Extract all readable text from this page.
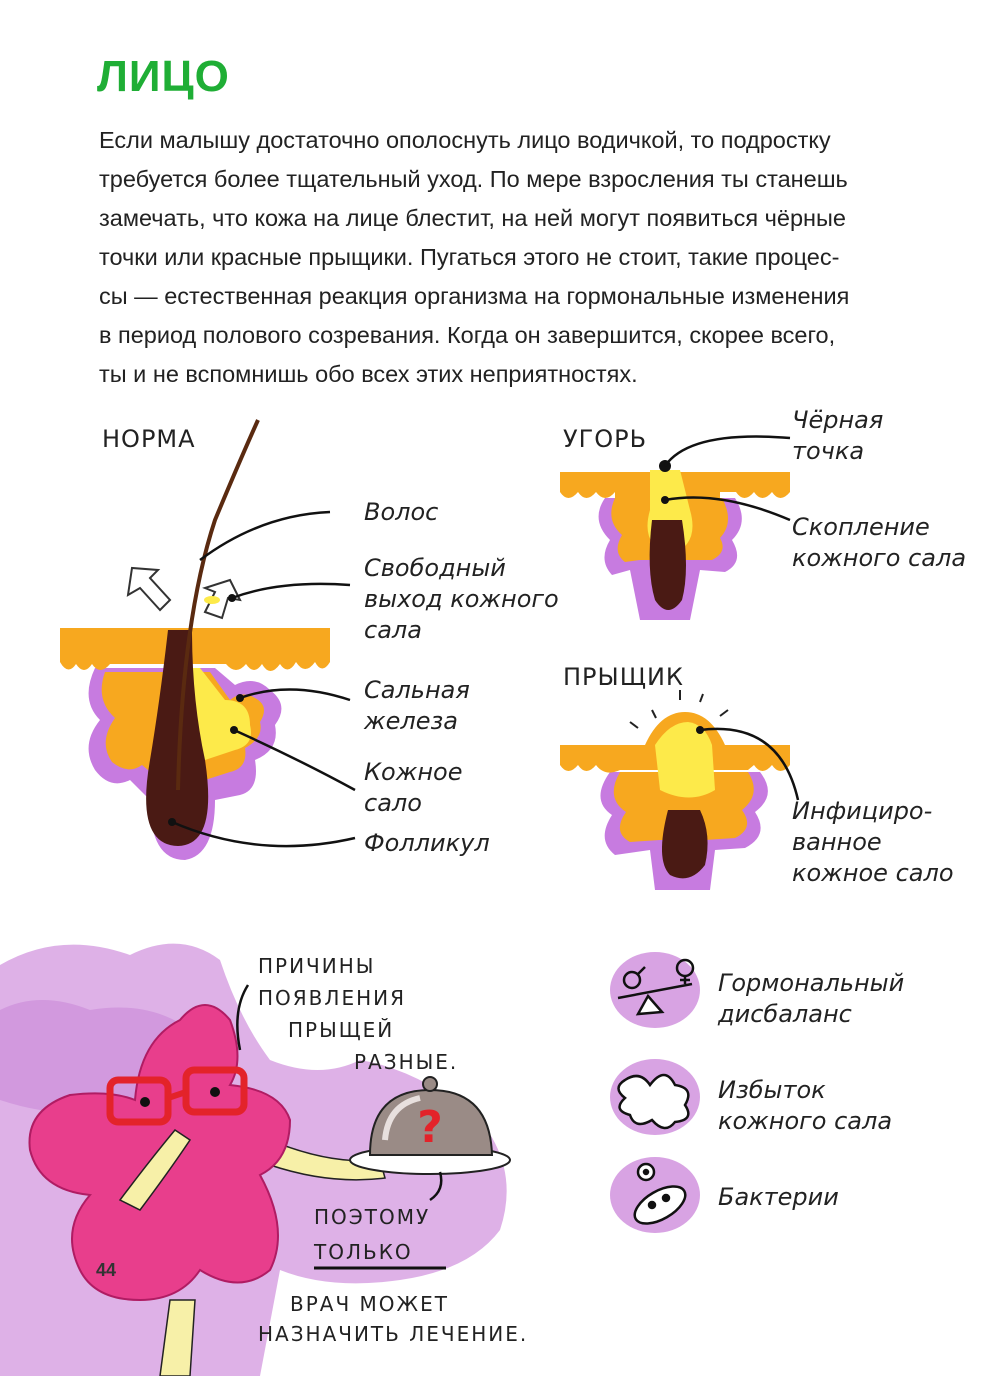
ЛИЦО
Если малышу достаточно ополоснуть лицо водичкой, то подростку
требуется более тщательный уход. По мере взросления ты станешь
замечать, что кожа на лице блестит, на ней могут появиться чёрные
точки или красные прыщики. Пугаться этого не стоит, такие процес-
сы — естественная реакция организма на гормональные изменения
в период полового созревания. Когда он завершится, скорее всего,
ты и не вспомнишь обо всех этих неприятностях.
?
НОРМА	УГОРЬ
ПРЫЩИК
Волос
Свободный
выход кожного
сала
Сальная
железа
Кожное
сало
Фолликул
Чёрная
точка
Скопление
кожного сала
Инфициро-
ванное
кожное сало
ПРИЧИНЫ
ПОЯВЛЕНИЯ
ПРЫЩЕЙ
РАЗНЫЕ.
ПОЭТОМУ
ТОЛЬКО
ВРАЧ МОЖЕТ
НАЗНАЧИТЬ ЛЕЧЕНИЕ.
Гормональный
дисбаланс
Избыток
кожного сала
Бактерии
44
